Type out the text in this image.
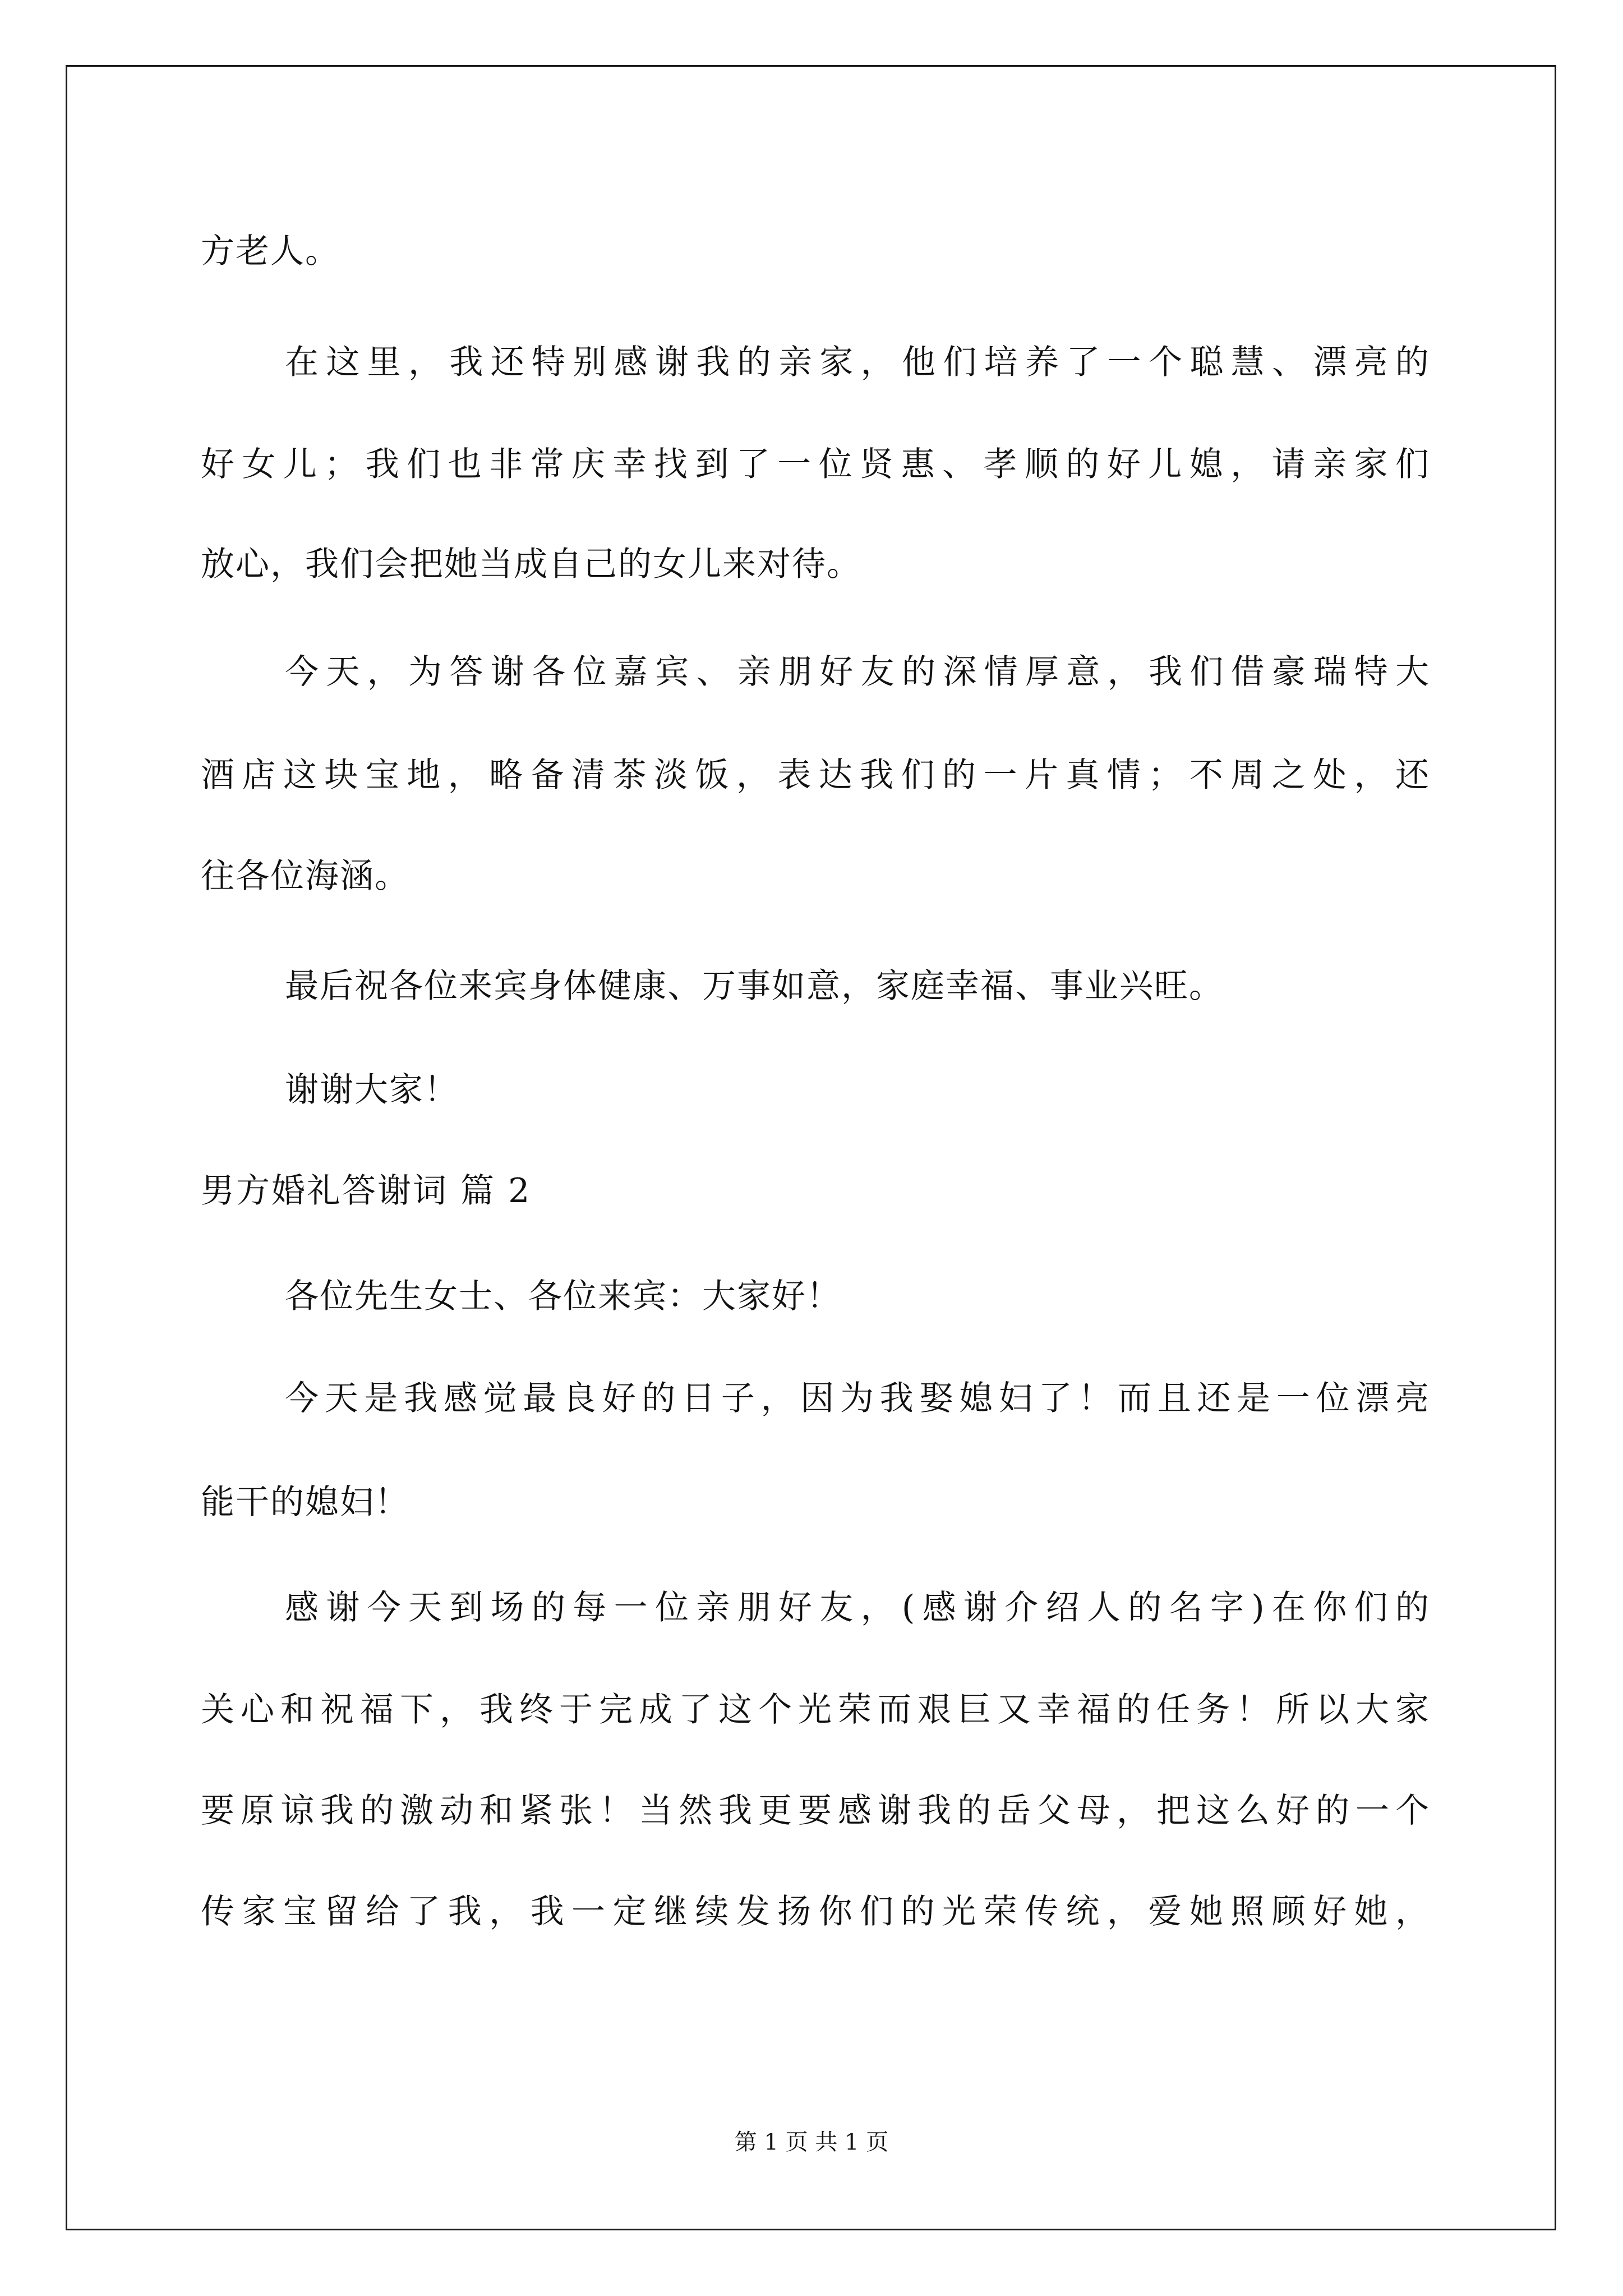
方老人。
在这里，我还特别感谢我的亲家，他们培养了一个聪慧、漂亮的
好女儿；我们也非常庆幸找到了一位贤惠、孝顺的好儿媳，请亲家们
放心，我们会把她当成自己的女儿来对待。
今天，为答谢各位嘉宾、亲朋好友的深情厚意，我们借豪瑞特大
酒店这块宝地，略备清茶淡饭，表达我们的一片真情；不周之处，还
往各位海涵。
最后祝各位来宾身体健康、万事如意，家庭幸福、事业兴旺。
谢谢大家！
男方婚礼答谢词 篇 2
各位先生女士、各位来宾：大家好！
今天是我感觉最良好的日子，因为我娶媳妇了！而且还是一位漂亮
能干的媳妇！
感谢今天到场的每一位亲朋好友，(感谢介绍人的名字)在你们的
关心和祝福下，我终于完成了这个光荣而艰巨又幸福的任务！所以大家
要原谅我的激动和紧张！当然我更要感谢我的岳父母，把这么好的一个
传家宝留给了我，我一定继续发扬你们的光荣传统，爱她照顾好她，
第 1 页 共 1 页
